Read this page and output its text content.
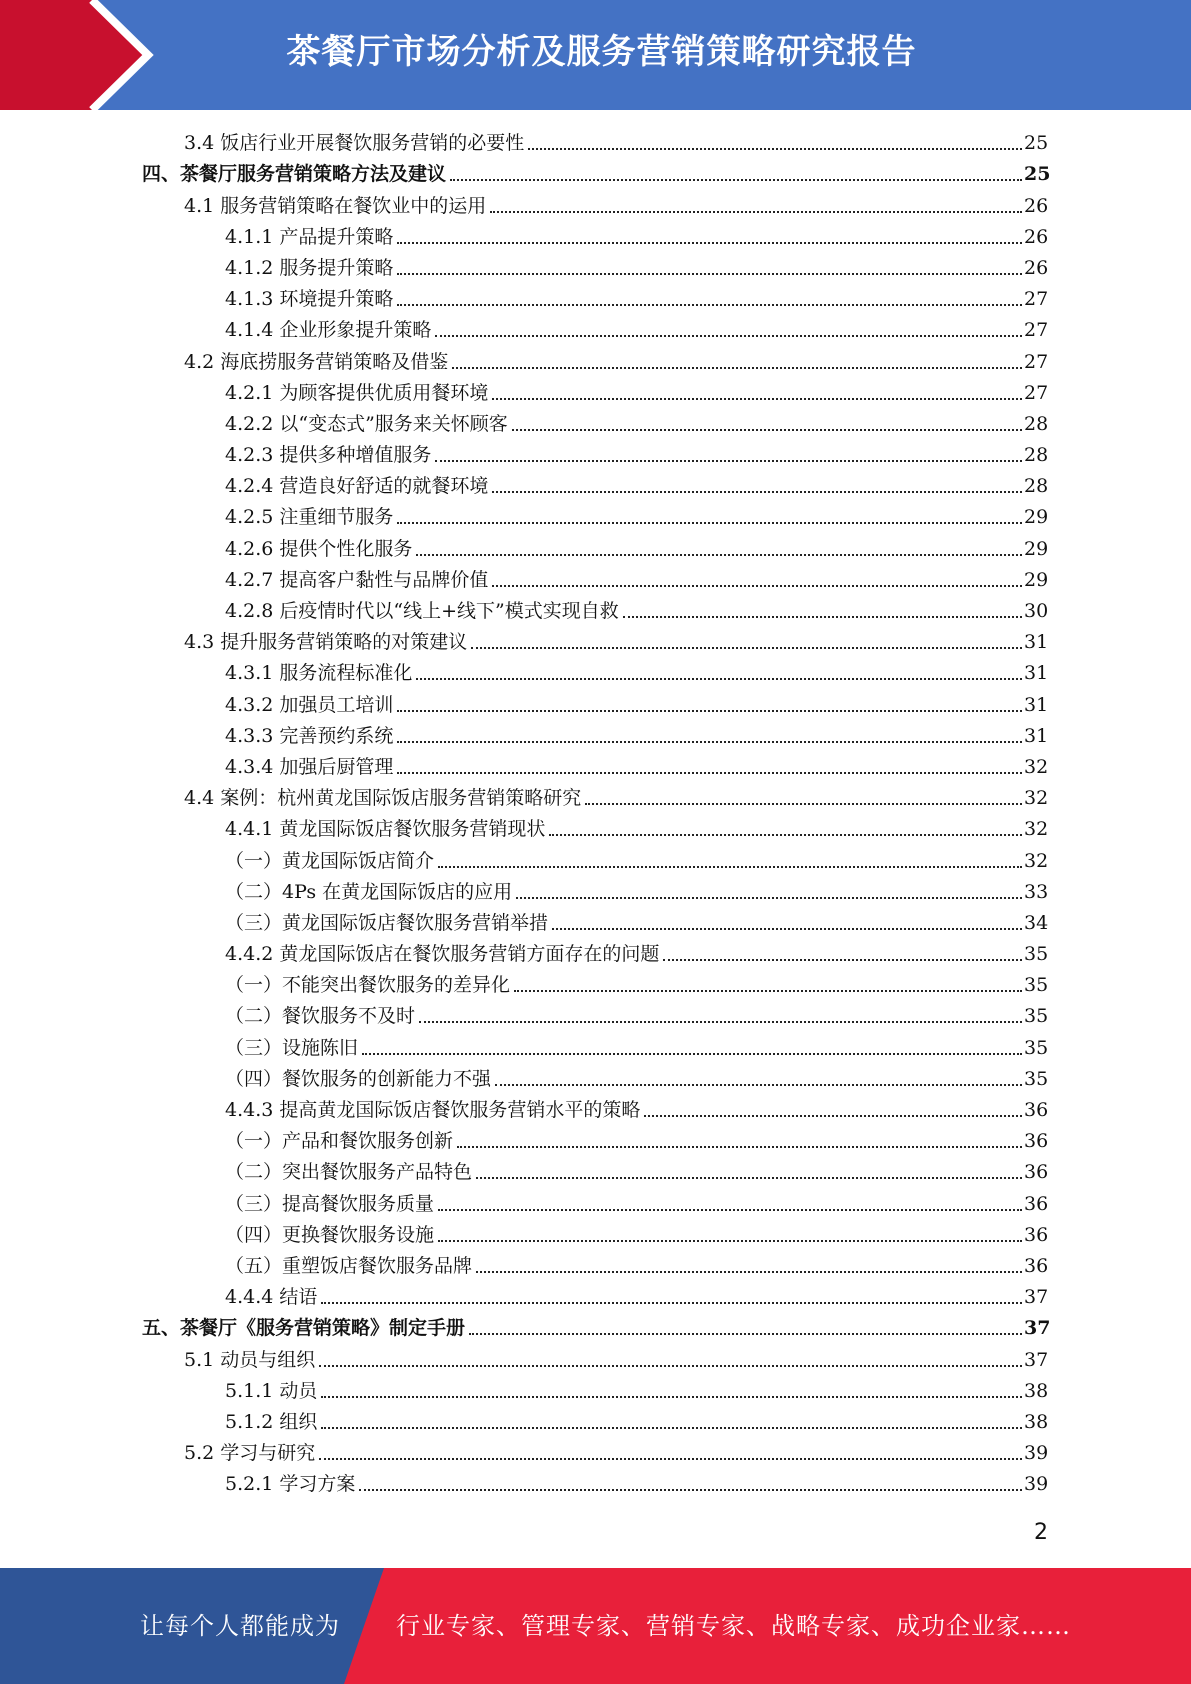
茶餐厅市场分析及服务营销策略研究报告
3.4 饭店行业开展餐饮服务营销的必要性	25
四、茶餐厅服务营销策略方法及建议	25
4.1 服务营销策略在餐饮业中的运用	26
4.1.1 产品提升策略	26
4.1.2 服务提升策略	26
4.1.3 环境提升策略	27
4.1.4 企业形象提升策略	27
4.2 海底捞服务营销策略及借鉴	27
4.2.1 为顾客提供优质用餐环境	27
4.2.2 以“变态式”服务来关怀顾客	28
4.2.3 提供多种增值服务	28
4.2.4 营造良好舒适的就餐环境	28
4.2.5 注重细节服务	29
4.2.6 提供个性化服务	29
4.2.7 提高客户黏性与品牌价值	29
4.2.8 后疫情时代以“线上+线下”模式实现自救	30
4.3 提升服务营销策略的对策建议	31
4.3.1 服务流程标准化	31
4.3.2 加强员工培训	31
4.3.3 完善预约系统	31
4.3.4 加强后厨管理	32
4.4 案例：杭州黄龙国际饭店服务营销策略研究	32
4.4.1 黄龙国际饭店餐饮服务营销现状	32
（一）黄龙国际饭店简介	32
（二）4Ps 在黄龙国际饭店的应用	33
（三）黄龙国际饭店餐饮服务营销举措	34
4.4.2 黄龙国际饭店在餐饮服务营销方面存在的问题	35
（一）不能突出餐饮服务的差异化	35
（二）餐饮服务不及时	35
（三）设施陈旧	35
（四）餐饮服务的创新能力不强	35
4.4.3 提高黄龙国际饭店餐饮服务营销水平的策略	36
（一）产品和餐饮服务创新	36
（二）突出餐饮服务产品特色	36
（三）提高餐饮服务质量	36
（四）更换餐饮服务设施	36
（五）重塑饭店餐饮服务品牌	36
4.4.4 结语	37
五、茶餐厅《服务营销策略》制定手册	37
5.1 动员与组织	37
5.1.1 动员	38
5.1.2 组织	38
5.2 学习与研究	39
5.2.1 学习方案	39
2
让每个人都能成为 行业专家、管理专家、营销专家、战略专家、成功企业家……
